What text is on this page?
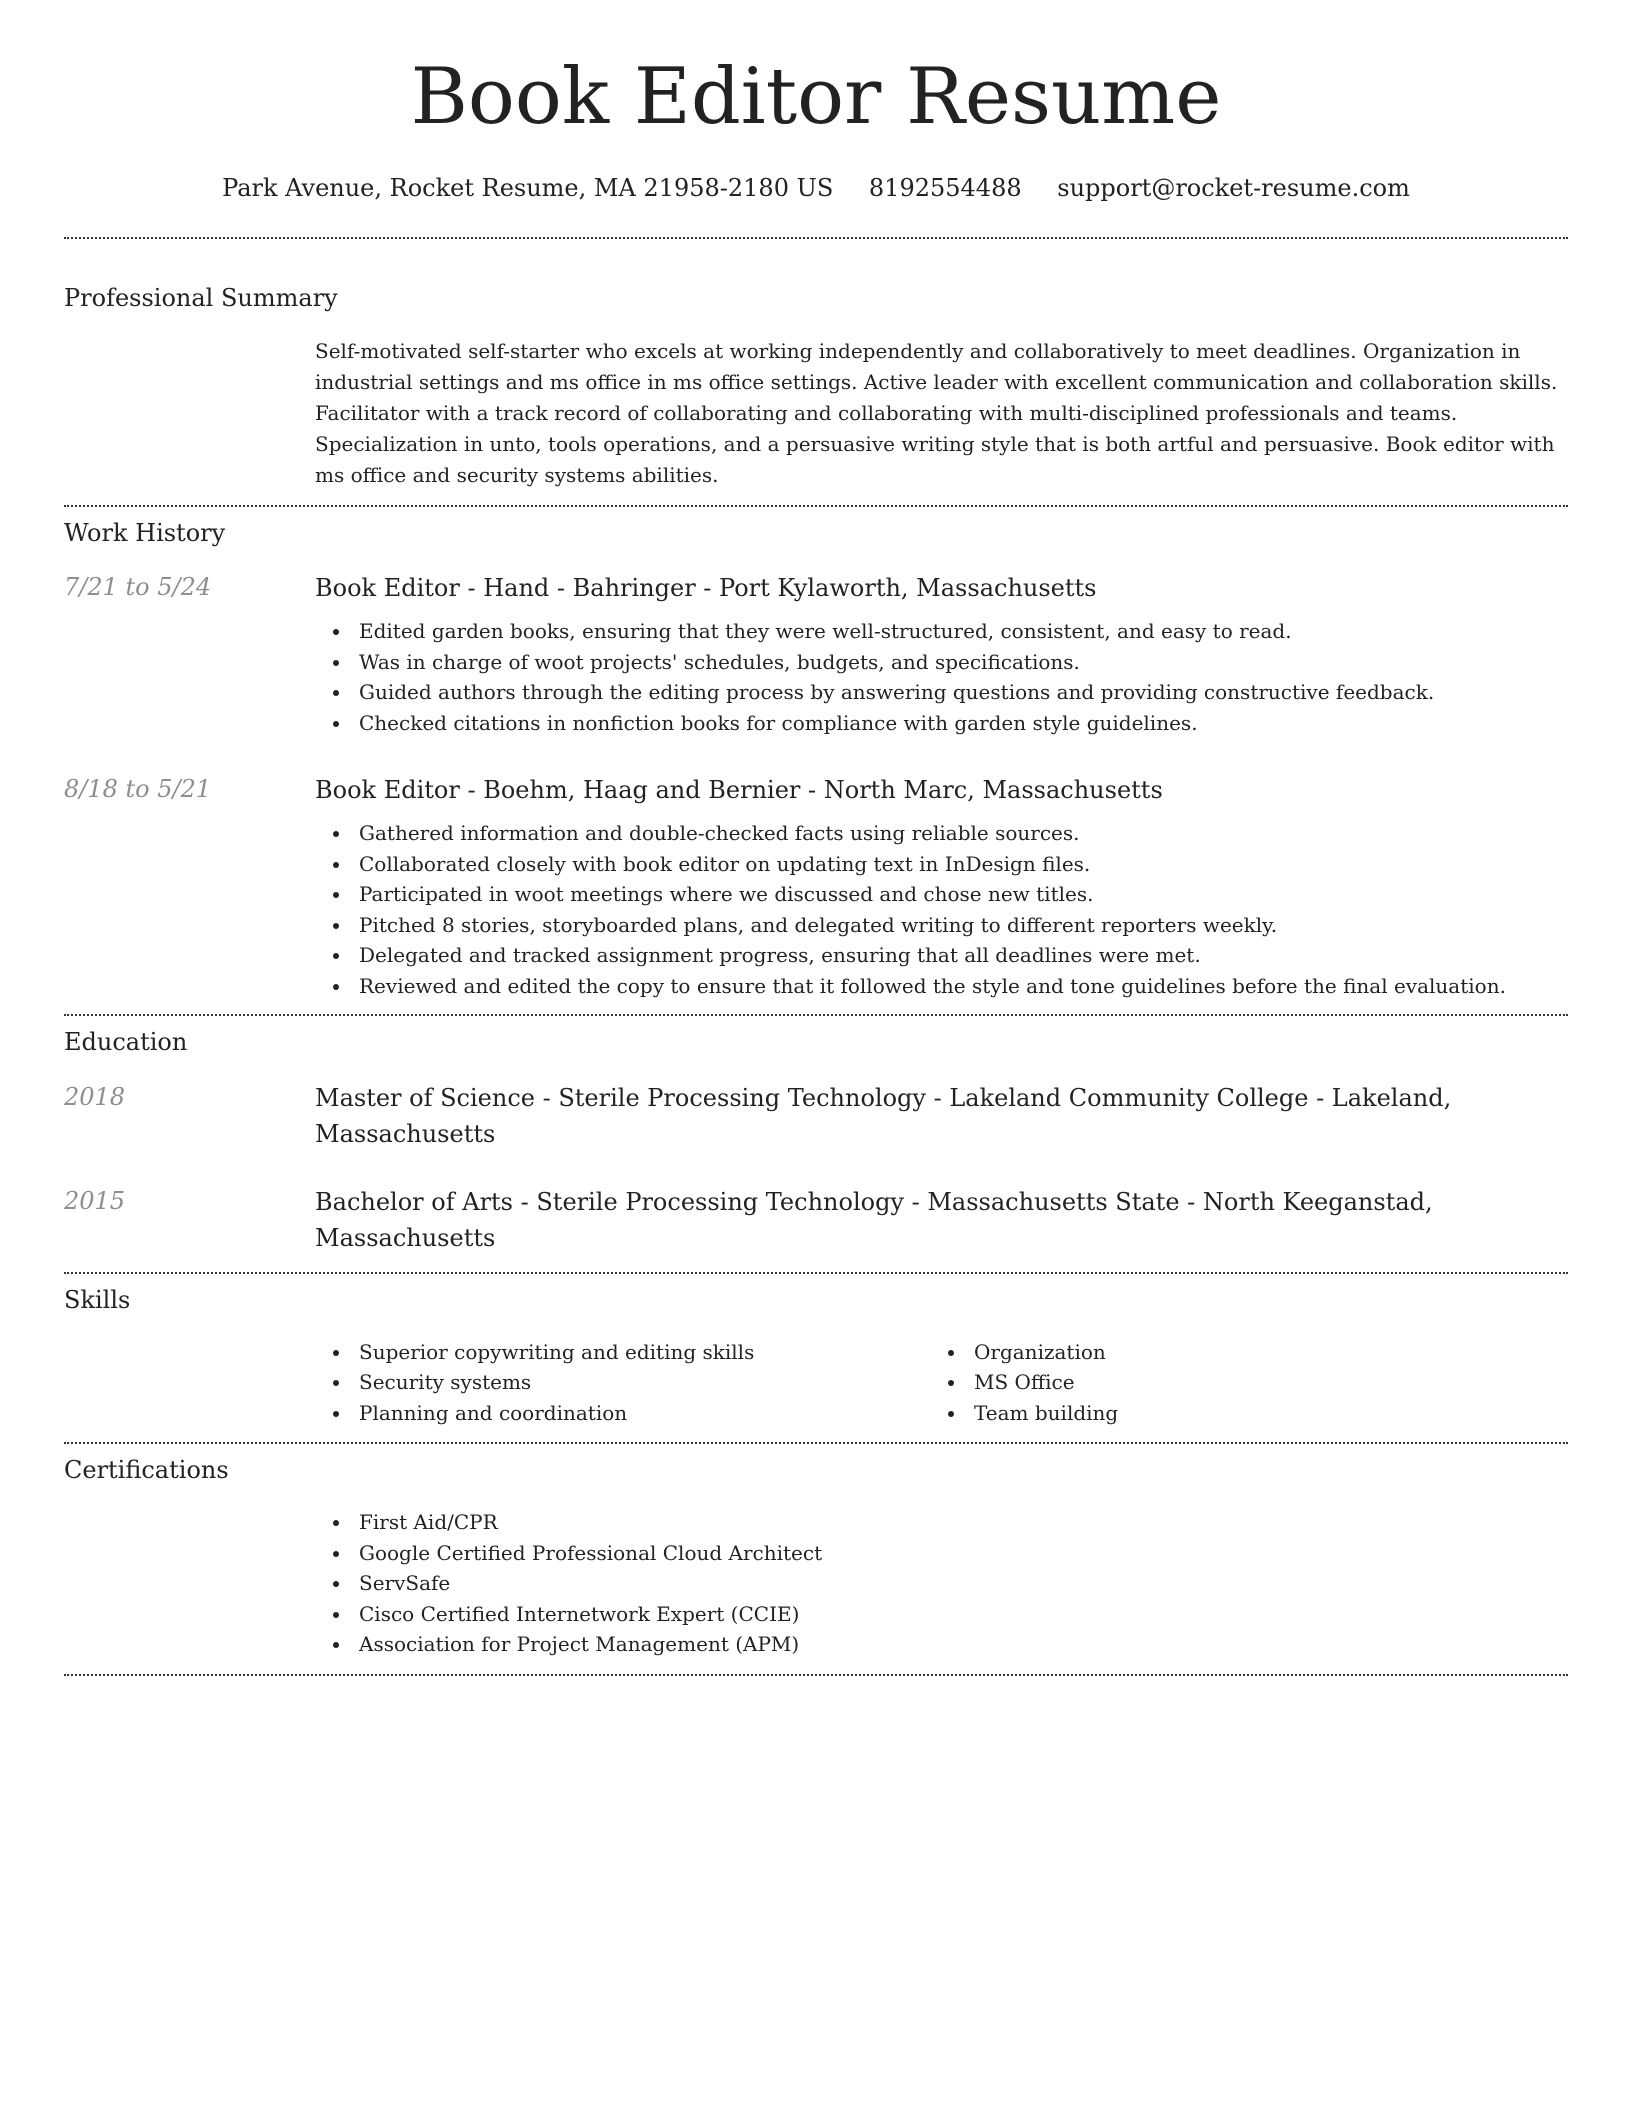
Book Editor Resume
Park Avenue, Rocket Resume, MA 21958-2180 US 8192554488 support@rocket-resume.com
Professional Summary

Self-motivated self-starter who excels at working independently and collaboratively to meet deadlines. Organization in industrial settings and ms office in ms office settings. Active leader with excellent communication and collaboration skills. Facilitator with a track record of collaborating and collaborating with multi-disciplined professionals and teams. Specialization in unto, tools operations, and a persuasive writing style that is both artful and persuasive. Book editor with ms office and security systems abilities.

Work History
7/21 to 5/24	Book Editor - Hand - Bahringer - Port Kylaworth, Massachusetts
Edited garden books, ensuring that they were well-structured, consistent, and easy to read.
Was in charge of woot projects' schedules, budgets, and specifications.
Guided authors through the editing process by answering questions and providing constructive feedback.
Checked citations in nonfiction books for compliance with garden style guidelines.
8/18 to 5/21	Book Editor - Boehm, Haag and Bernier - North Marc, Massachusetts
Gathered information and double-checked facts using reliable sources.
Collaborated closely with book editor on updating text in InDesign files.
Participated in woot meetings where we discussed and chose new titles.
Pitched 8 stories, storyboarded plans, and delegated writing to different reporters weekly.
Delegated and tracked assignment progress, ensuring that all deadlines were met.
Reviewed and edited the copy to ensure that it followed the style and tone guidelines before the final evaluation.
Education
2018	Master of Science - Sterile Processing Technology - Lakeland Community College - Lakeland,
Massachusetts
2015	Bachelor of Arts - Sterile Processing Technology - Massachusetts State - North Keeganstad,
Massachusetts
Skills
Superior copywriting and editing skills
Security systems
Planning and coordination
Organization
MS Office
Team building
Certifications
First Aid/CPR
Google Certified Professional Cloud Architect
ServSafe
Cisco Certified Internetwork Expert (CCIE)
Association for Project Management (APM)
